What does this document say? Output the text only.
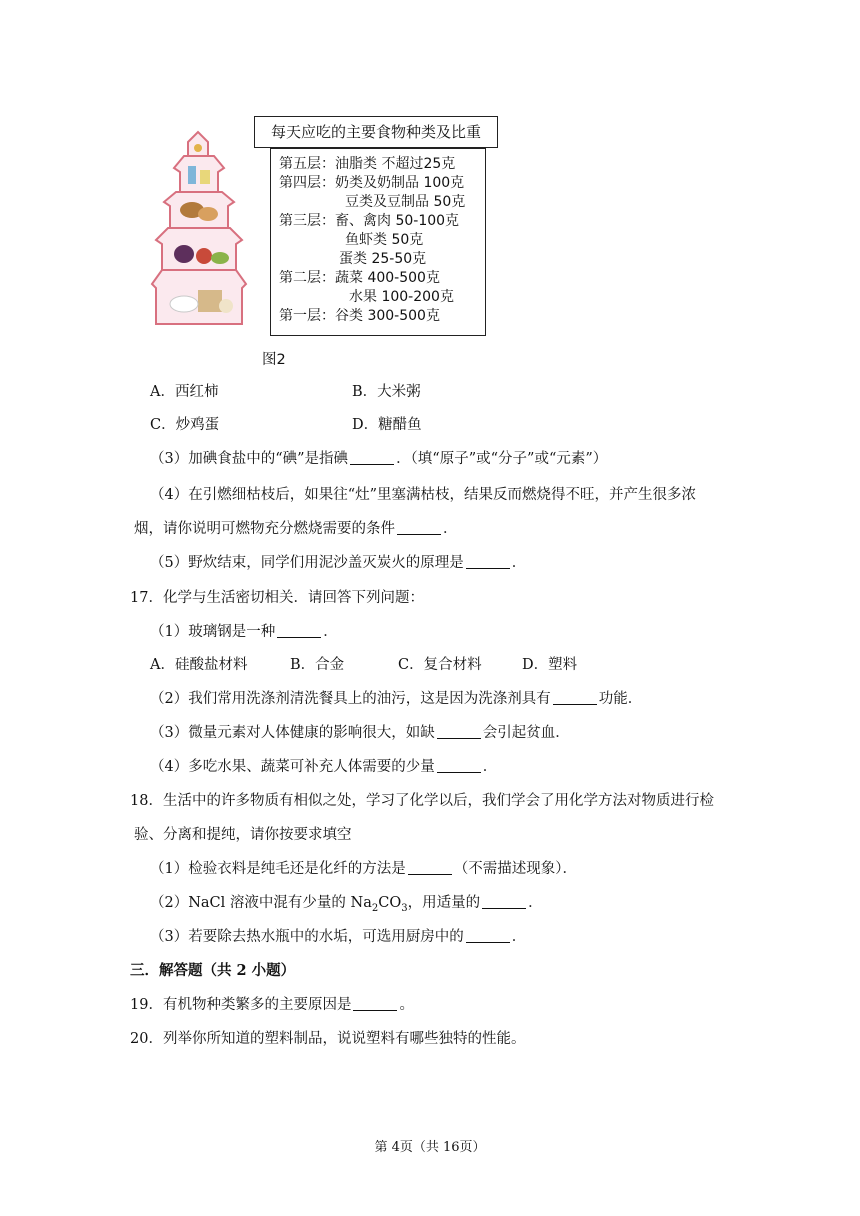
每天应吃的主要食物种类及比重
第五层：油脂类 不超过25克
第四层：奶类及奶制品 100克
豆类及豆制品 50克
第三层：畜、禽肉 50-100克
鱼虾类 50克
蛋类 25-50克
第二层：蔬菜 400-500克
水果 100-200克
第一层：谷类 300-500克
图2
A．西红柿	B．大米粥
C．炒鸡蛋	D．糖醋鱼
（3）加碘食盐中的“碘”是指碘	．（填“原子”或“分子”或“元素”）
（4）在引燃细枯枝后，如果往“灶”里塞满枯枝，结果反而燃烧得不旺，并产生很多浓
烟，请你说明可燃物充分燃烧需要的条件	．
（5）野炊结束，同学们用泥沙盖灭炭火的原理是	．
17．化学与生活密切相关．请回答下列问题：
（1）玻璃钢是一种	．
A．硅酸盐材料	B．合金	C．复合材料	D．塑料
（2）我们常用洗涤剂清洗餐具上的油污，这是因为洗涤剂具有	功能．
（3）微量元素对人体健康的影响很大，如缺	会引起贫血．
（4）多吃水果、蔬菜可补充人体需要的少量	．
18．生活中的许多物质有相似之处，学习了化学以后，我们学会了用化学方法对物质进行检
验、分离和提纯，请你按要求填空
（1）检验衣料是纯毛还是化纤的方法是	（不需描述现象）．
（2）NaCl 溶液中混有少量的 $Na_2CO_3$，用适量的	．
（3）若要除去热水瓶中的水垢，可选用厨房中的	．
三．解答题（共 2 小题）
19．有机物种类繁多的主要原因是	。
20．列举你所知道的塑料制品，说说塑料有哪些独特的性能。
第 4页（共 16页）
